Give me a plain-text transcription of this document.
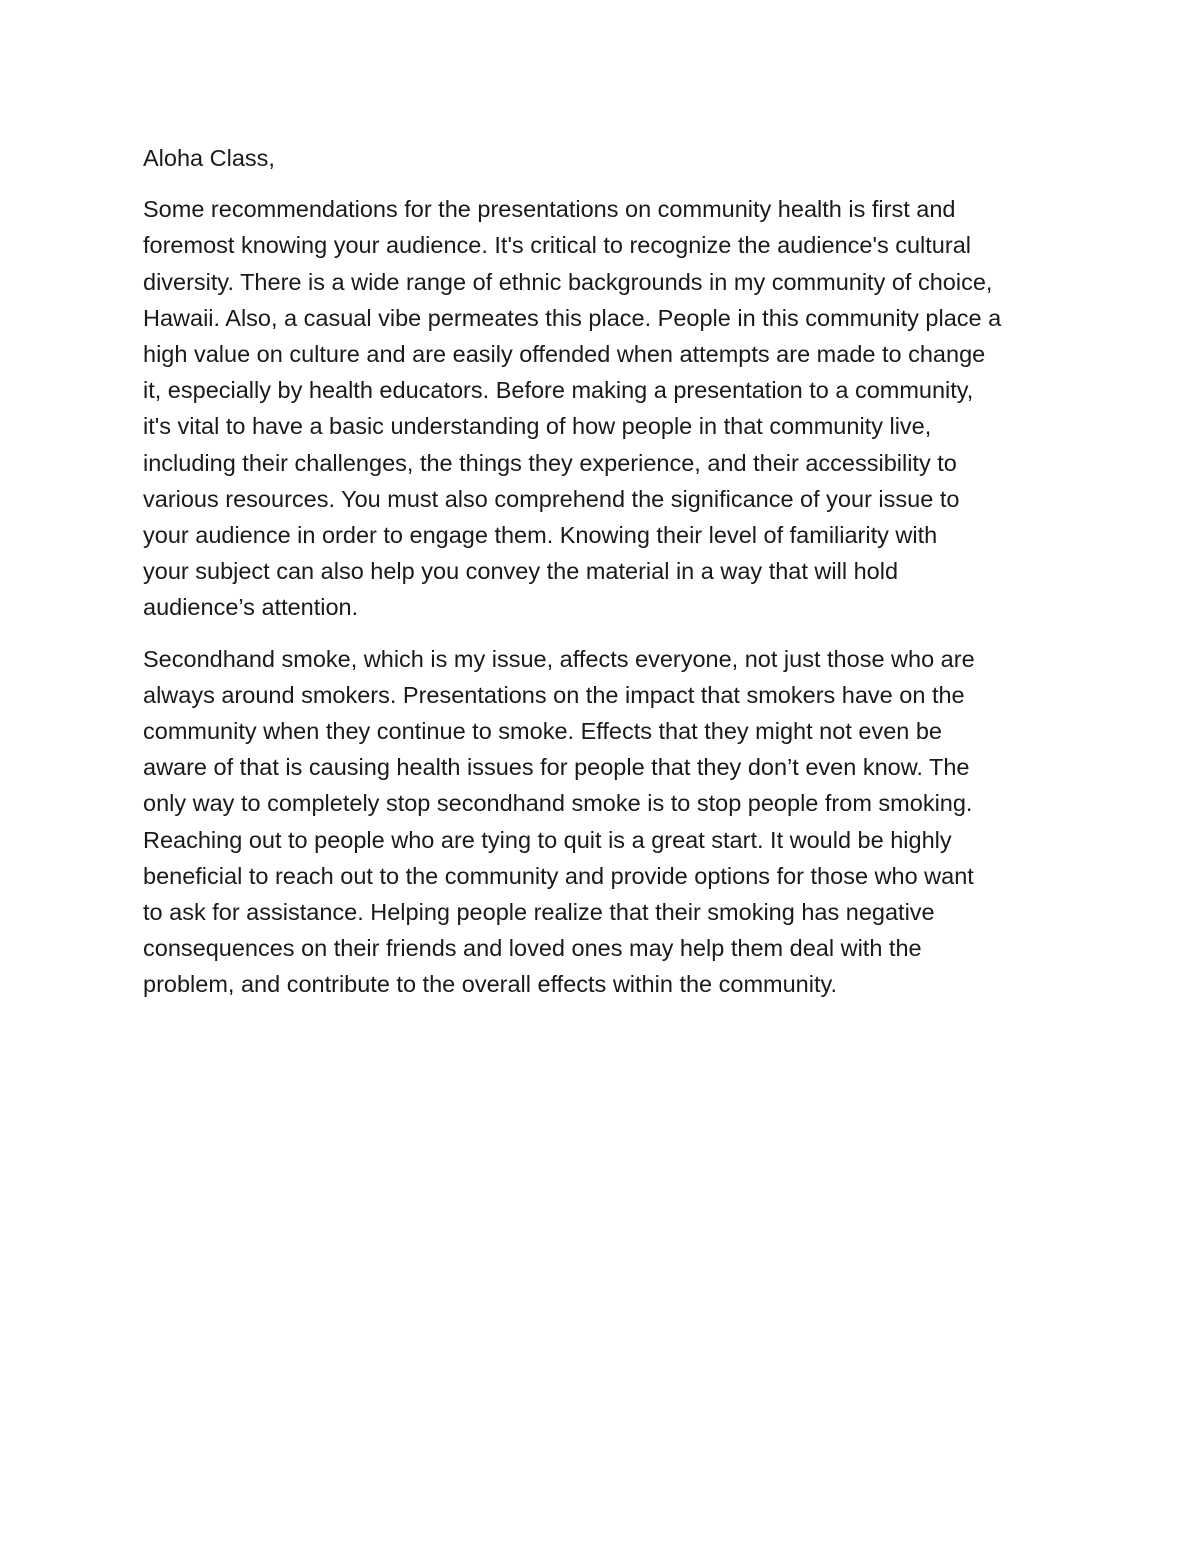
Aloha Class,
Some recommendations for the presentations on community health is first and
foremost knowing your audience. It's critical to recognize the audience's cultural
diversity. There is a wide range of ethnic backgrounds in my community of choice,
Hawaii. Also, a casual vibe permeates this place. People in this community place a
high value on culture and are easily offended when attempts are made to change
it, especially by health educators. Before making a presentation to a community,
it's vital to have a basic understanding of how people in that community live,
including their challenges, the things they experience, and their accessibility to
various resources. You must also comprehend the significance of your issue to
your audience in order to engage them. Knowing their level of familiarity with
your subject can also help you convey the material in a way that will hold
audience’s attention.
Secondhand smoke, which is my issue, affects everyone, not just those who are
always around smokers. Presentations on the impact that smokers have on the
community when they continue to smoke. Effects that they might not even be
aware of that is causing health issues for people that they don’t even know. The
only way to completely stop secondhand smoke is to stop people from smoking.
Reaching out to people who are tying to quit is a great start. It would be highly
beneficial to reach out to the community and provide options for those who want
to ask for assistance. Helping people realize that their smoking has negative
consequences on their friends and loved ones may help them deal with the
problem, and contribute to the overall effects within the community.
